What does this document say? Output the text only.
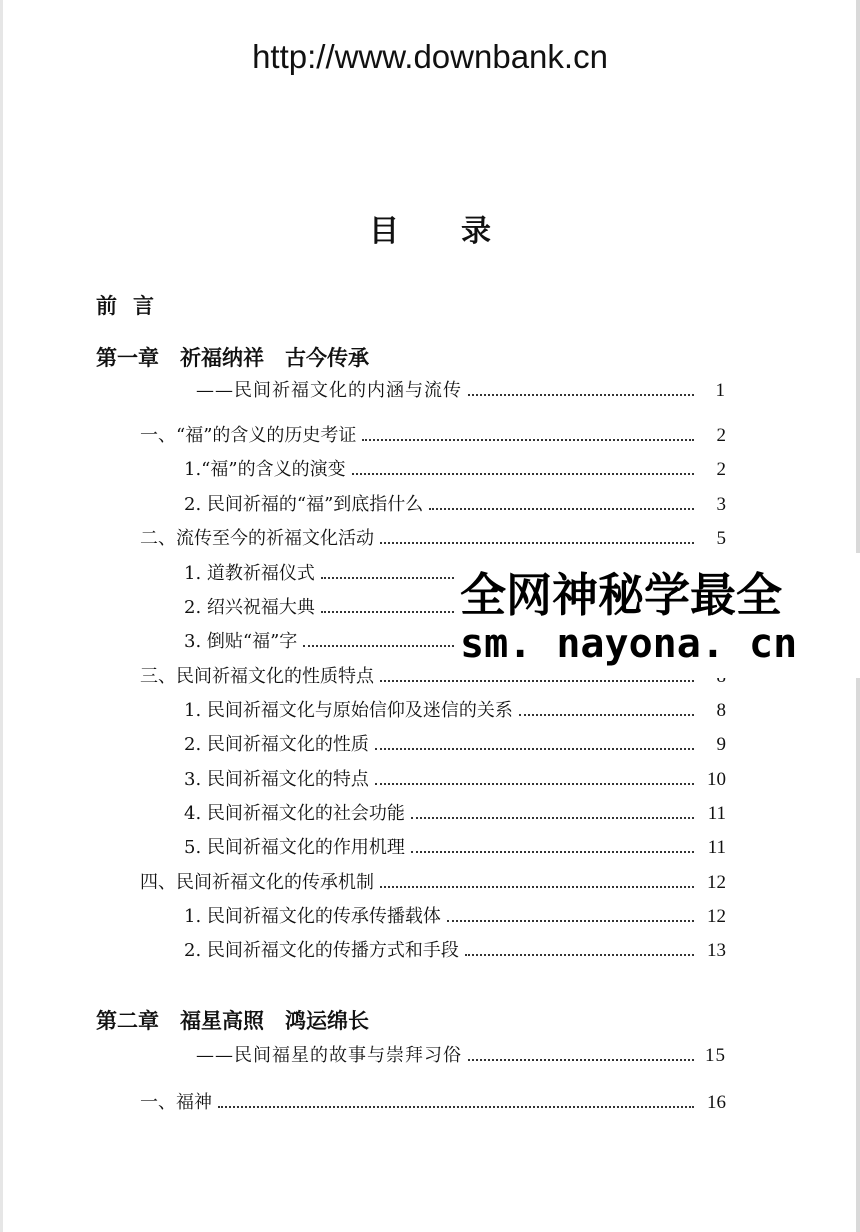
http://www.downbank.cn
目录
前言
第一章　祈福纳祥　古今传承
——民间祈福文化的内涵与流传	1
一、“福”的含义的历史考证	2
1.“福”的含义的演变	2
2. 民间祈福的“福”到底指什么	3
二、流传至今的祈福文化活动	5
1. 道教祈福仪式
2. 绍兴祝福大典
3. 倒贴“福”字
三、民间祈福文化的性质特点
1. 民间祈福文化与原始信仰及迷信的关系	8
2. 民间祈福文化的性质	9
3. 民间祈福文化的特点	10
4. 民间祈福文化的社会功能	11
5. 民间祈福文化的作用机理	11
四、民间祈福文化的传承机制	12
1. 民间祈福文化的传承传播载体	12
2. 民间祈福文化的传播方式和手段	13
第二章　福星高照　鸿运绵长
——民间福星的故事与崇拜习俗	15
一、福神	16
全网神秘学最全
sm. nayona. cn
